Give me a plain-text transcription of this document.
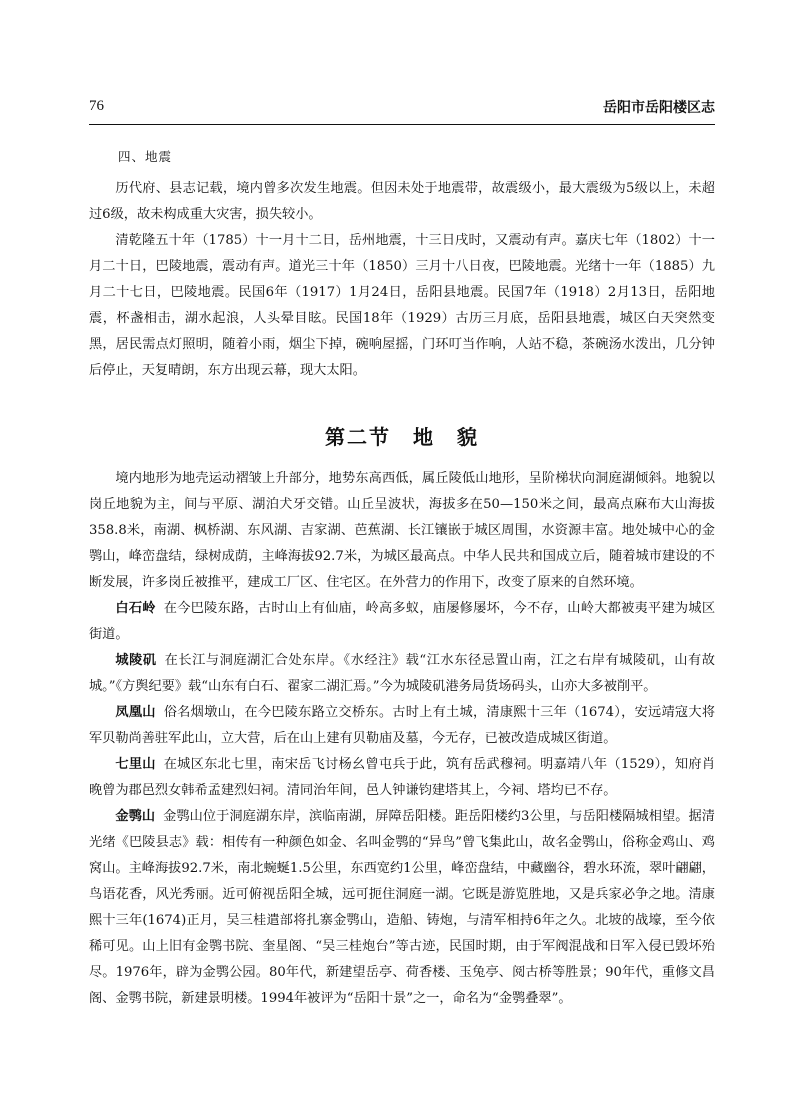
76	岳阳市岳阳楼区志
四、地震

历代府、县志记载，境内曾多次发生地震。但因未处于地震带，故震级小，最大震级为5级以上，未超过6级，故未构成重大灾害，损失较小。

清乾隆五十年（1785）十一月十二日，岳州地震，十三日戌时，又震动有声。嘉庆七年（1802）十一月二十日，巴陵地震，震动有声。道光三十年（1850）三月十八日夜，巴陵地震。光绪十一年（1885）九月二十七日，巴陵地震。民国6年（1917）1月24日，岳阳县地震。民国7年（1918）2月13日，岳阳地震，杯盏相击，湖水起浪，人头晕目眩。民国18年（1929）古历三月底，岳阳县地震，城区白天突然变黑，居民需点灯照明，随着小雨，烟尘下掉，碗响屋摇，门环叮当作响，人站不稳，茶碗汤水泼出，几分钟后停止，天复晴朗，东方出现云幕，现大太阳。

第二节　地　貌

境内地形为地壳运动褶皱上升部分，地势东高西低，属丘陵低山地形，呈阶梯状向洞庭湖倾斜。地貌以岗丘地貌为主，间与平原、湖泊犬牙交错。山丘呈波状，海拔多在50—150米之间，最高点麻布大山海拔358.8米，南湖、枫桥湖、东风湖、吉家湖、芭蕉湖、长江镶嵌于城区周围，水资源丰富。地处城中心的金鹗山，峰峦盘结，绿树成荫，主峰海拔92.7米，为城区最高点。中华人民共和国成立后，随着城市建设的不断发展，许多岗丘被推平，建成工厂区、住宅区。在外营力的作用下，改变了原来的自然环境。

白石岭 在今巴陵东路，古时山上有仙庙，岭高多蚁，庙屡修屡坏，今不存，山岭大都被夷平建为城区街道。

城陵矶 在长江与洞庭湖汇合处东岸。《水经注》载“江水东径忌置山南，江之右岸有城陵矶，山有故城。”《方舆纪要》载“山东有白石、翟家二湖汇焉。”今为城陵矶港务局货场码头，山亦大多被削平。

凤凰山 俗名烟墩山，在今巴陵东路立交桥东。古时上有土城，清康熙十三年（1674），安远靖寇大将军贝勒尚善驻军此山，立大营，后在山上建有贝勒庙及墓，今无存，已被改造成城区街道。

七里山 在城区东北七里，南宋岳飞讨杨幺曾屯兵于此，筑有岳武穆祠。明嘉靖八年（1529），知府肖晚曾为郡邑烈女韩希孟建烈妇祠。清同治年间，邑人钟谦钧建塔其上，今祠、塔均已不存。

金鹗山 金鹗山位于洞庭湖东岸，滨临南湖，屏障岳阳楼。距岳阳楼约3公里，与岳阳楼隔城相望。据清光绪《巴陵县志》载：相传有一种颜色如金、名叫金鹗的“异鸟”曾飞集此山，故名金鹗山，俗称金鸡山、鸡窝山。主峰海拔92.7米，南北蜿蜒1.5公里，东西宽约1公里，峰峦盘结，中藏幽谷，碧水环流，翠叶翩翩，鸟语花香，风光秀丽。近可俯视岳阳全城，远可扼住洞庭一湖。它既是游览胜地，又是兵家必争之地。清康熙十三年(1674)正月，吴三桂遣部将扎寨金鹗山，造船、铸炮，与清军相持6年之久。北坡的战壕，至今依稀可见。山上旧有金鹗书院、奎星阁、“吴三桂炮台”等古迹，民国时期，由于军阀混战和日军入侵已毁坏殆尽。1976年，辟为金鹗公园。80年代，新建望岳亭、荷香楼、玉兔亭、阅古桥等胜景；90年代，重修文昌阁、金鹗书院，新建景明楼。1994年被评为“岳阳十景”之一，命名为“金鹗叠翠”。
